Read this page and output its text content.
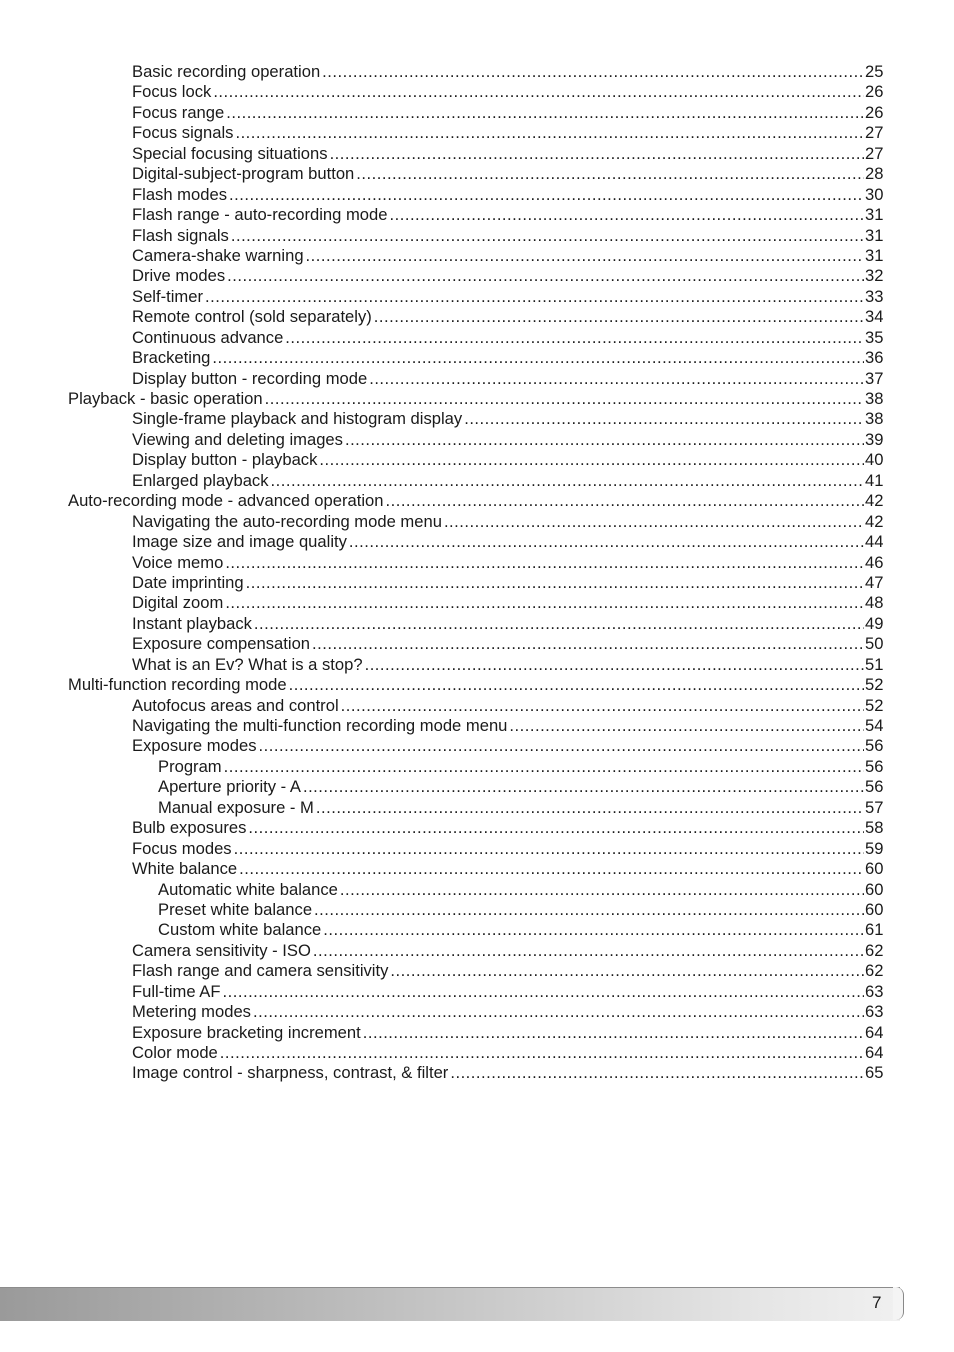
Basic recording operation .....	25
Focus lock .....	26
Focus range .....	26
Focus signals .....	27
Special focusing situations .....	27
Digital-subject-program button .....	28
Flash modes .....	30
Flash range - auto-recording mode .....	31
Flash signals .....	31
Camera-shake warning .....	31
Drive modes .....	32
Self-timer .....	33
Remote control (sold separately) .....	34
Continuous advance .....	35
Bracketing .....	36
Display button - recording mode .....	37
Playback - basic operation .....	38
Single-frame playback and histogram display .....	38
Viewing and deleting images .....	39
Display button - playback .....	40
Enlarged playback .....	41
Auto-recording mode - advanced operation .....	42
Navigating the auto-recording mode menu .....	42
Image size and image quality .....	44
Voice memo .....	46
Date imprinting .....	47
Digital zoom .....	48
Instant playback .....	49
Exposure compensation .....	50
What is an Ev? What is a stop? .....	51
Multi-function recording mode .....	52
Autofocus areas and control .....	52
Navigating the multi-function recording mode menu .....	54
Exposure modes .....	56
Program .....	56
Aperture priority - A .....	56
Manual exposure - M .....	57
Bulb exposures .....	58
Focus modes .....	59
White balance .....	60
Automatic white balance .....	60
Preset white balance .....	60
Custom white balance .....	61
Camera sensitivity - ISO .....	62
Flash range and camera sensitivity .....	62
Full-time AF .....	63
Metering modes .....	63
Exposure bracketing increment .....	64
Color mode .....	64
Image control - sharpness, contrast, & filter .....	65
7
